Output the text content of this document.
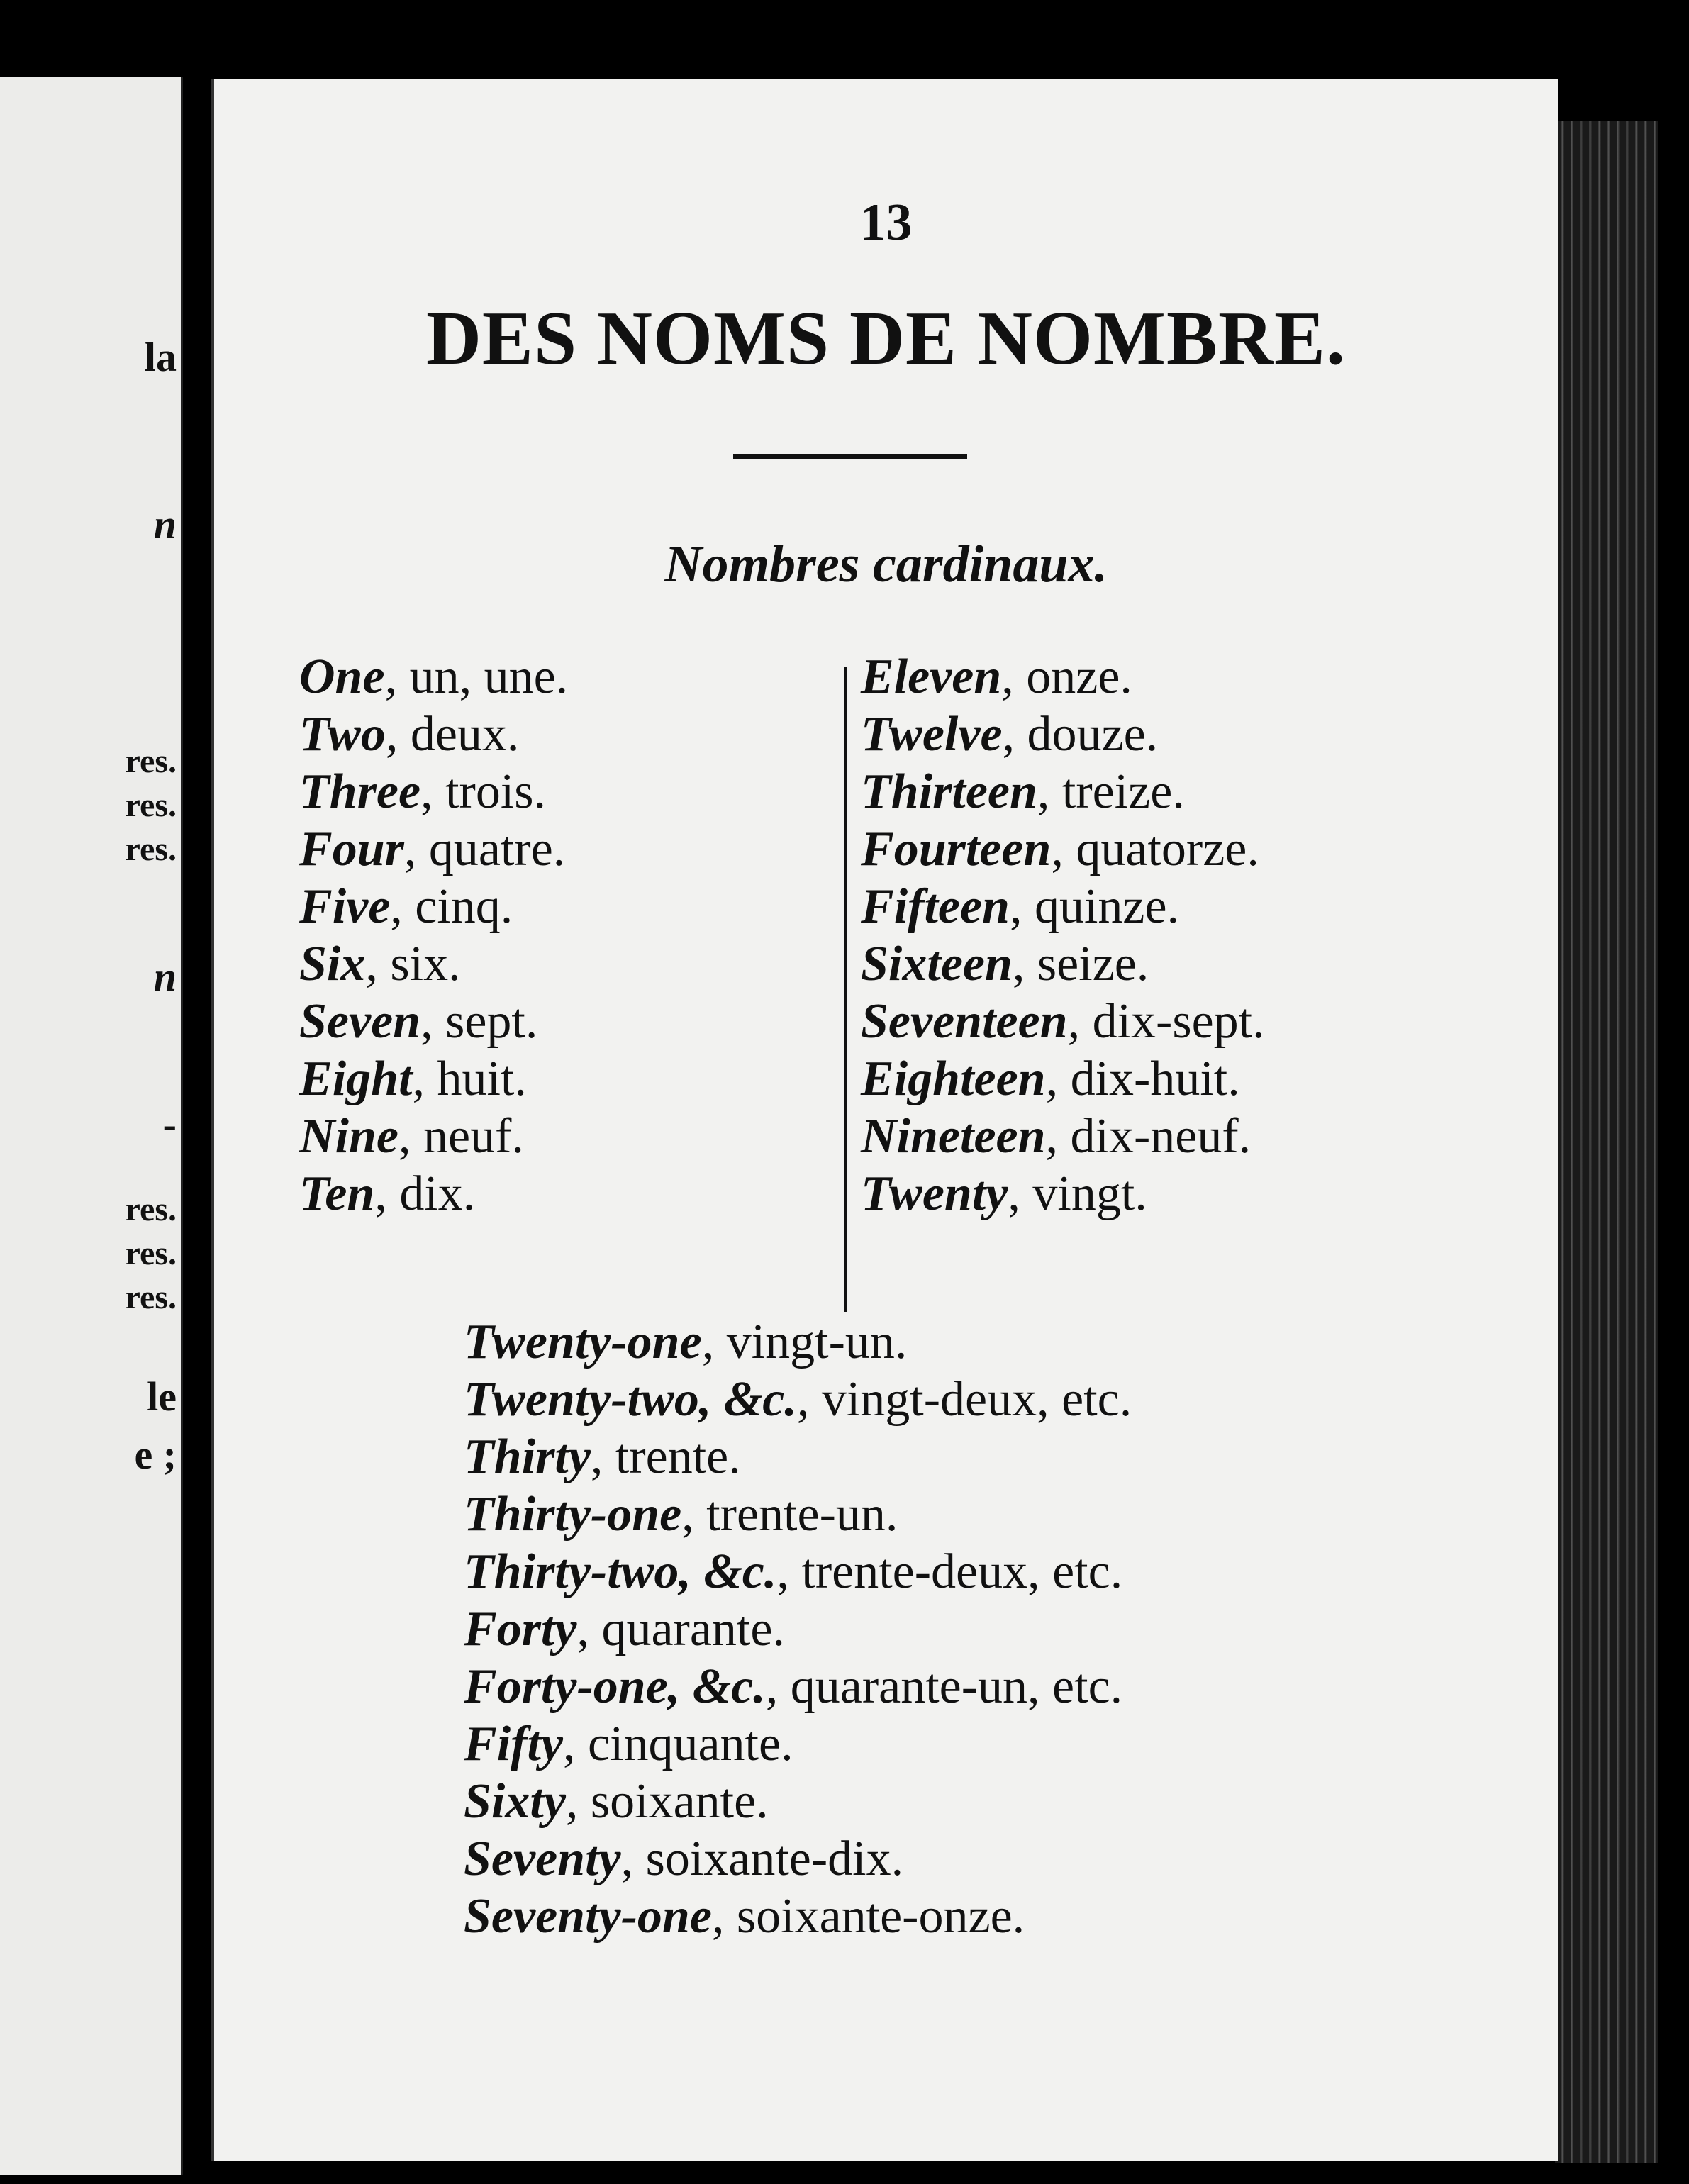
la
n
res.
res.
res.
n
-
res.
res.
res.
le
e ;
13
DES NOMS DE NOMBRE.
Nombres cardinaux.
One, un, une.
Two, deux.
Three, trois.
Four, quatre.
Five, cinq.
Six, six.
Seven, sept.
Eight, huit.
Nine, neuf.
Ten, dix.
Eleven, onze.
Twelve, douze.
Thirteen, treize.
Fourteen, quatorze.
Fifteen, quinze.
Sixteen, seize.
Seventeen, dix-sept.
Eighteen, dix-huit.
Nineteen, dix-neuf.
Twenty, vingt.
Twenty-one, vingt-un.
Twenty-two, &c., vingt-deux, etc.
Thirty, trente.
Thirty-one, trente-un.
Thirty-two, &c., trente-deux, etc.
Forty, quarante.
Forty-one, &c., quarante-un, etc.
Fifty, cinquante.
Sixty, soixante.
Seventy, soixante-dix.
Seventy-one, soixante-onze.
